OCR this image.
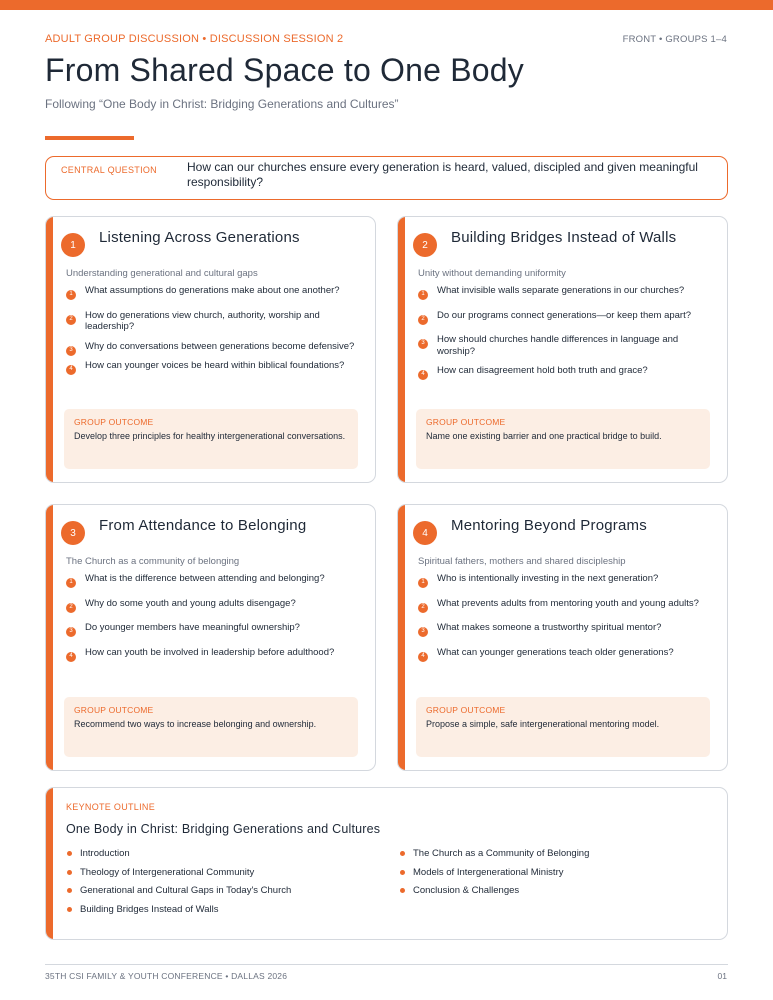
ADULT GROUP DISCUSSION • DISCUSSION SESSION 2	FRONT • GROUPS 1–4
From Shared Space to One Body
Following “One Body in Christ: Bridging Generations and Cultures”
CENTRAL QUESTION	How can our churches ensure every generation is heard, valued, discipled and given meaningful responsibility?
1	Listening Across Generations
Understanding generational and cultural gaps
1	What assumptions do generations make about one another?
2	How do generations view church, authority, worship and leadership?
3	Why do conversations between generations become defensive?
4	How can younger voices be heard within biblical foundations?
GROUP OUTCOME
Develop three principles for healthy intergenerational conversations.
2	Building Bridges Instead of Walls
Unity without demanding uniformity
1	What invisible walls separate generations in our churches?
2	Do our programs connect generations—or keep them apart?
3	How should churches handle differences in language and worship?
4	How can disagreement hold both truth and grace?
GROUP OUTCOME
Name one existing barrier and one practical bridge to build.
3	From Attendance to Belonging
The Church as a community of belonging
1	What is the difference between attending and belonging?
2	Why do some youth and young adults disengage?
3	Do younger members have meaningful ownership?
4	How can youth be involved in leadership before adulthood?
GROUP OUTCOME
Recommend two ways to increase belonging and ownership.
4	Mentoring Beyond Programs
Spiritual fathers, mothers and shared discipleship
1	Who is intentionally investing in the next generation?
2	What prevents adults from mentoring youth and young adults?
3	What makes someone a trustworthy spiritual mentor?
4	What can younger generations teach older generations?
GROUP OUTCOME
Propose a simple, safe intergenerational mentoring model.
KEYNOTE OUTLINE
One Body in Christ: Bridging Generations and Cultures
Introduction
Theology of Intergenerational Community
Generational and Cultural Gaps in Today's Church
Building Bridges Instead of Walls
The Church as a Community of Belonging
Models of Intergenerational Ministry
Conclusion & Challenges
35TH CSI FAMILY & YOUTH CONFERENCE • DALLAS 2026	01
